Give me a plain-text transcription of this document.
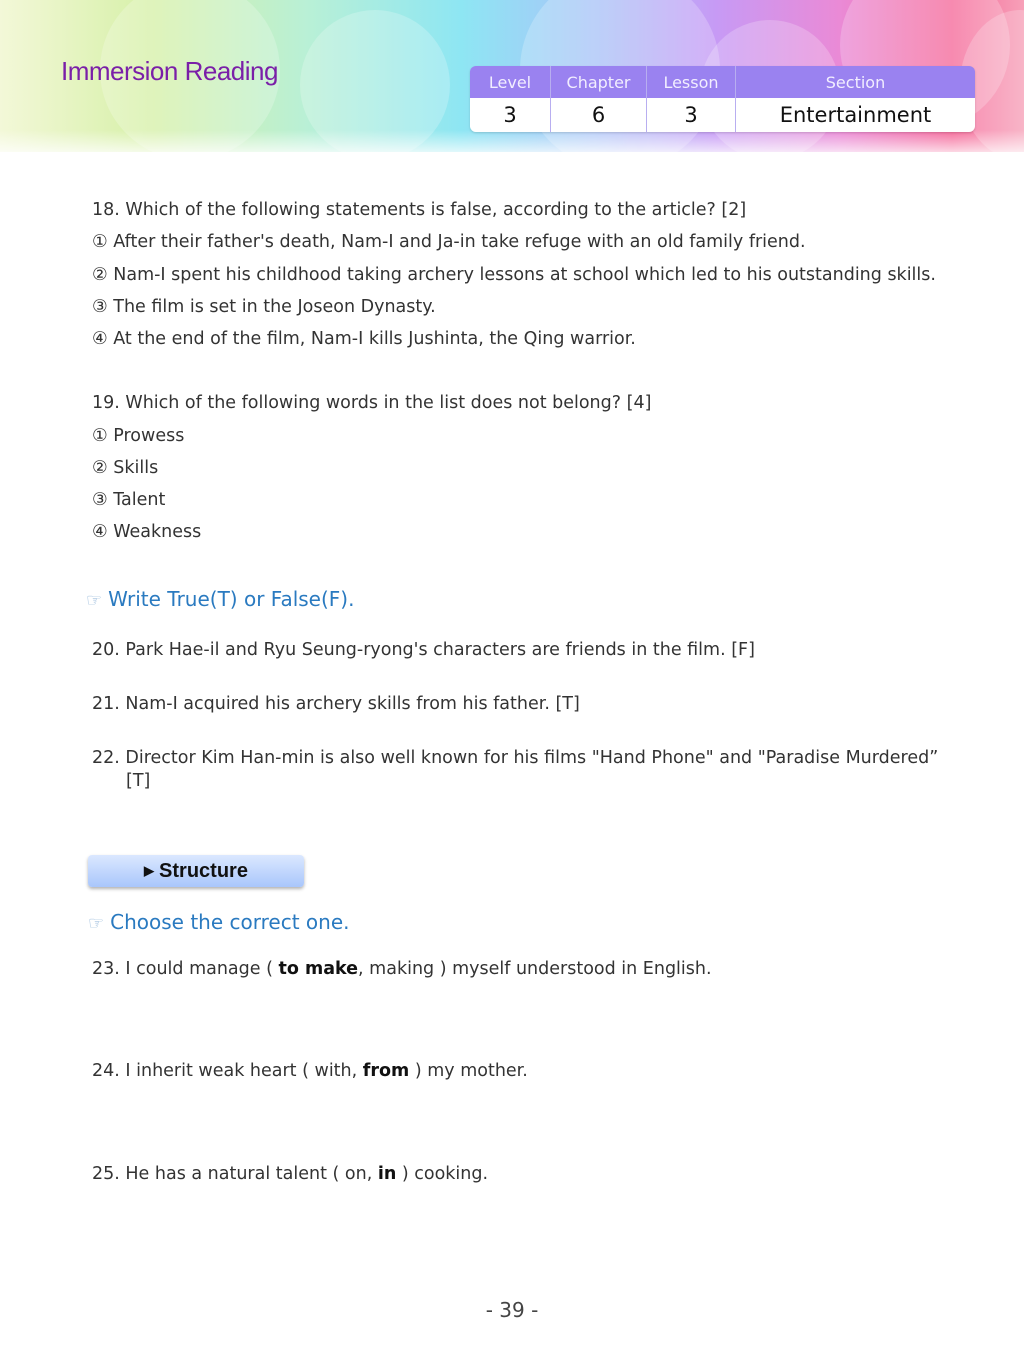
Immersion Reading	Level	Chapter	Lesson	Section
3	6	3	Entertainment
18. Which of the following statements is false, according to the article? [2]
① After their father's death, Nam-I and Ja-in take refuge with an old family friend.
② Nam-I spent his childhood taking archery lessons at school which led to his outstanding skills.
③ The film is set in the Joseon Dynasty.
④ At the end of the film, Nam-I kills Jushinta, the Qing warrior.
19. Which of the following words in the list does not belong? [4]
① Prowess
② Skills
③ Talent
④ Weakness
☞ Write True(T) or False(F).
20. Park Hae-il and Ryu Seung-ryong's characters are friends in the film. [F]
21. Nam-I acquired his archery skills from his father. [T]
22. Director Kim Han-min is also well known for his films "Hand Phone" and "Paradise Murdered”
[T]
▶ Structure
☞ Choose the correct one.
23. I could manage ( to make, making ) myself understood in English.
24. I inherit weak heart ( with, from ) my mother.
25. He has a natural talent ( on, in ) cooking.
- 39 -
